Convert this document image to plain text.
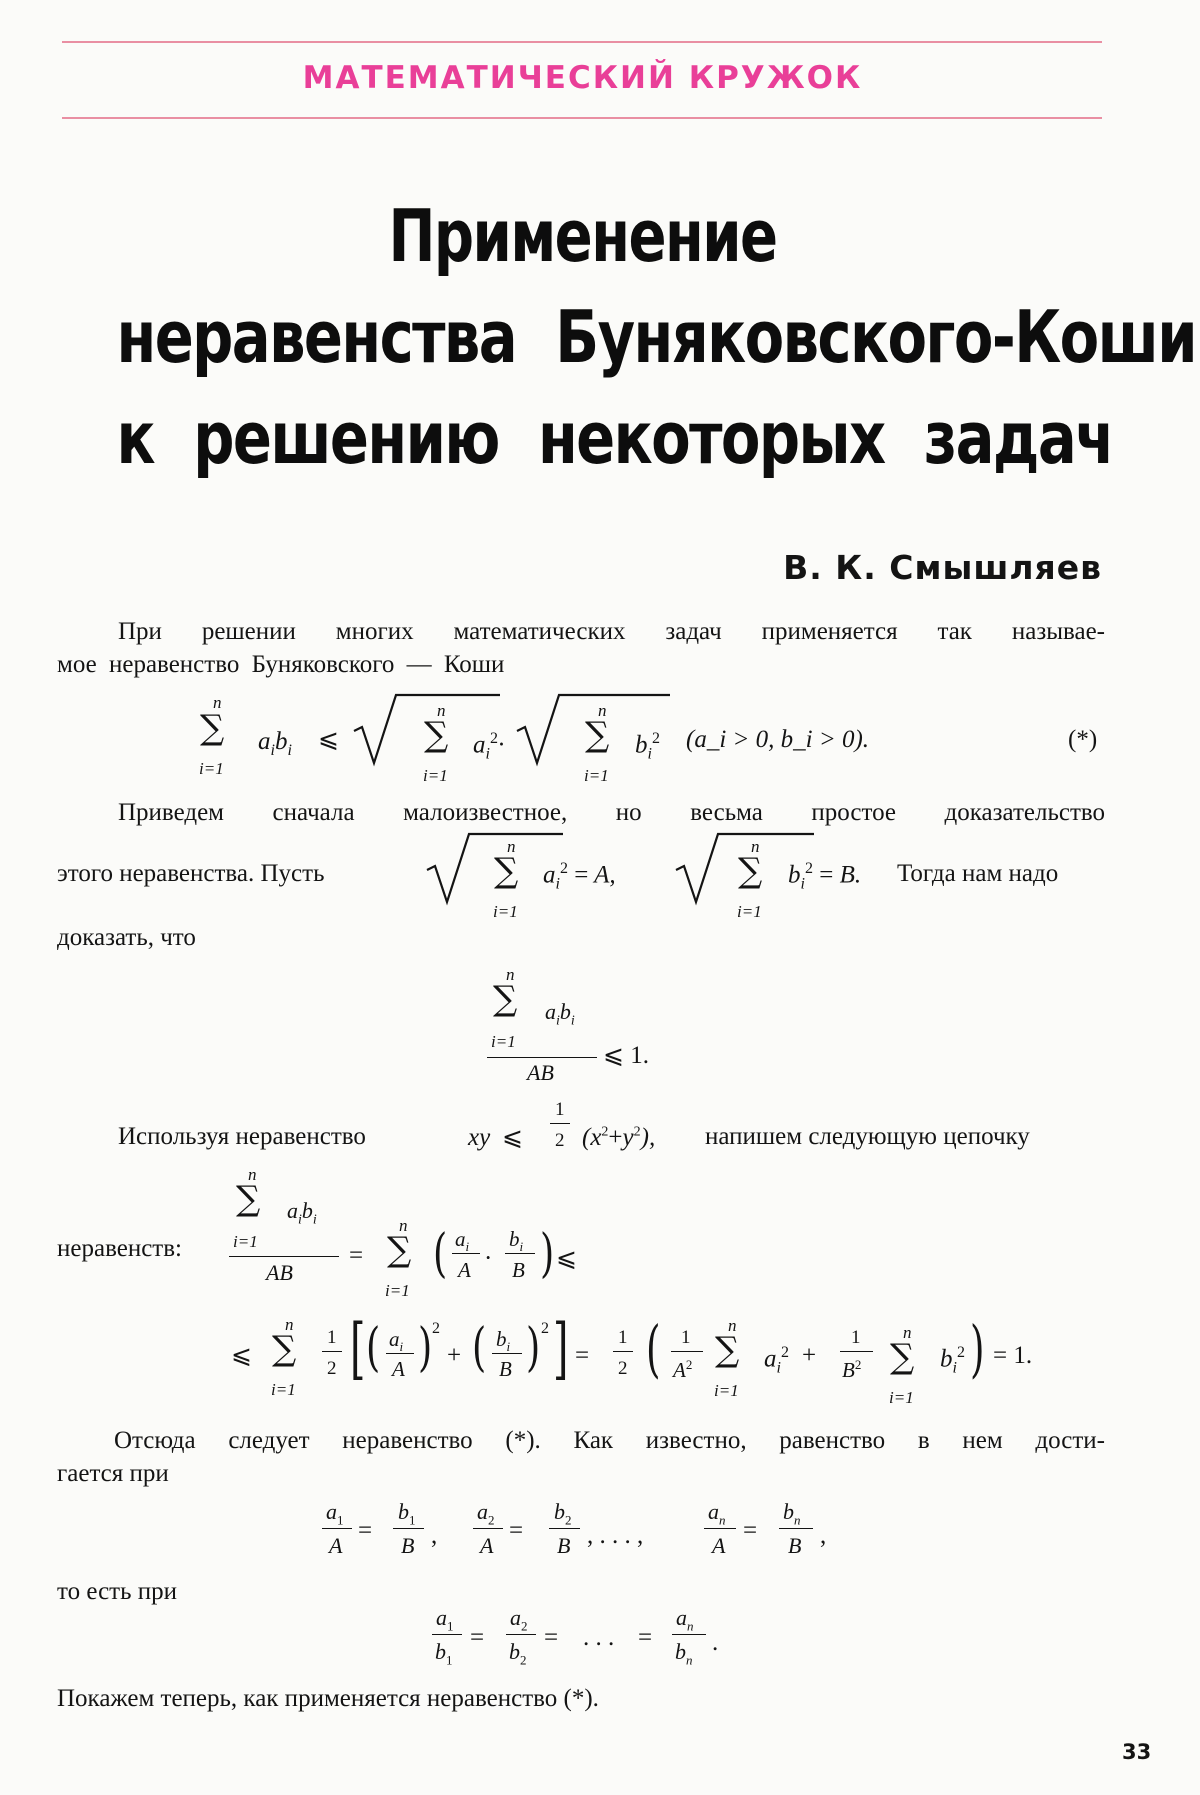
МАТЕМАТИЧЕСКИЙ КРУЖОК
Применение
неравенства Буняковского-Коши
к решению некоторых задач
В. К. Смышляев
При решении многих математических задач применяется так называе-
мое неравенство Буняковского — Коши
n
∑
i=1
$a_ib_i$ ⩽
n
∑
i=1
$a_i^2\cdot$
n
∑
i=1
$b_i^2$ (a_i > 0, b_i > 0).	(*)
Приведем сначала малоизвестное, но весьма простое доказательство
этого неравенства. Пусть
n
∑
i=1
$a_i^2 = A$,
n
∑
i=1
$b_i^2 = B$. Тогда нам надо
доказать, что
n
∑ $a_ib_i$
i=1
AB
⩽ 1.
Используя неравенство	xy ⩽
1
2 $(x^2+y^2)$, напишем следующую цепочку
неравенств:
n
∑ $a_ib_i$
i=1
AB
=
n
∑
i=1
( $a_i$
A ·
$b_i$
B ) ⩽
⩽
n
∑
i=1
1
2 [ ( $a_i$
A ) 2
+ ( $b_i$
B ) 2 ] =
1
2 ( 1
$A^2$
n
∑
i=1
$a_i^2$ +
1
$B^2$
n
∑
i=1
$b_i^2$ ) = 1.
Отсюда следует неравенство (*). Как известно, равенство в нем дости-
гается при
$a_1$
A
=
$b_1$
B ,
$a_2$
A
=
$b_2$
B , . . . ,
$a_n$
A
=
$b_n$
B ,
то есть при
$a_1$
$b_1$
=
$a_2$
$b_2$
= . . . =
$a_n$
$b_n$
.
Покажем теперь, как применяется неравенство (*).
33
